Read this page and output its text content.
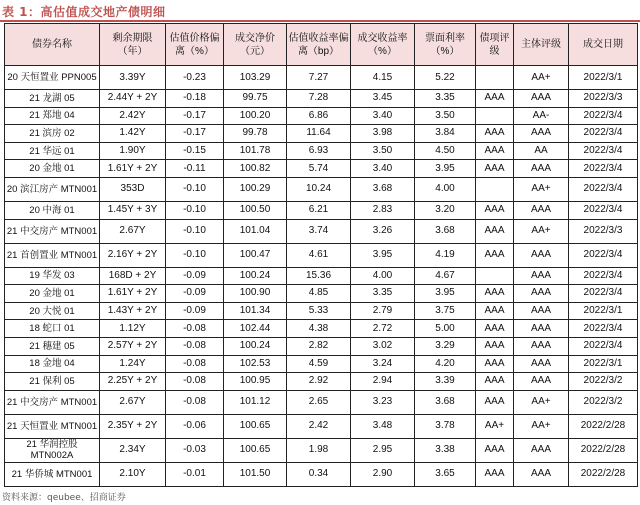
表 1：高估值成交地产债明细
债券名称	剩余期限（年）	估值价格偏离（%）	成交净价（元）	估值收益率偏离（bp）	成交收益率（%）	票面利率（%）	债项评级	主体评级	成交日期
20 天恒置业 PPN005	3.39Y	-0.23	103.29	7.27	4.15	5.22		AA+	2022/3/1
21 龙湖 05	2.44Y + 2Y	-0.18	99.75	7.28	3.45	3.35	AAA	AAA	2022/3/3
21 郑地 04	2.42Y	-0.17	100.20	6.86	3.40	3.50		AA-	2022/3/4
21 滨房 02	1.42Y	-0.17	99.78	11.64	3.98	3.84	AAA	AAA	2022/3/4
21 华远 01	1.90Y	-0.15	101.78	6.93	3.50	4.50	AAA	AA	2022/3/4
20 金地 01	1.61Y + 2Y	-0.11	100.82	5.74	3.40	3.95	AAA	AAA	2022/3/4
20 滨江房产 MTN001	353D	-0.10	100.29	10.24	3.68	4.00		AA+	2022/3/4
20 中海 01	1.45Y + 3Y	-0.10	100.50	6.21	2.83	3.20	AAA	AAA	2022/3/4
21 中交房产 MTN001	2.67Y	-0.10	101.04	3.74	3.26	3.68	AAA	AA+	2022/3/3
21 首创置业 MTN001	2.16Y + 2Y	-0.10	100.47	4.61	3.95	4.19	AAA	AAA	2022/3/4
19 华发 03	168D + 2Y	-0.09	100.24	15.36	4.00	4.67		AAA	2022/3/4
20 金地 01	1.61Y + 2Y	-0.09	100.90	4.85	3.35	3.95	AAA	AAA	2022/3/4
20 大悦 01	1.43Y + 2Y	-0.09	101.34	5.33	2.79	3.75	AAA	AAA	2022/3/1
18 蛇口 01	1.12Y	-0.08	102.44	4.38	2.72	5.00	AAA	AAA	2022/3/4
21 穗建 05	2.57Y + 2Y	-0.08	100.24	2.82	3.02	3.29	AAA	AAA	2022/3/4
18 金地 04	1.24Y	-0.08	102.53	4.59	3.24	4.20	AAA	AAA	2022/3/1
21 保利 05	2.25Y + 2Y	-0.08	100.95	2.92	2.94	3.39	AAA	AAA	2022/3/2
21 中交房产 MTN001	2.67Y	-0.08	101.12	2.65	3.23	3.68	AAA	AA+	2022/3/2
21 天恒置业 MTN001	2.35Y + 2Y	-0.06	100.65	2.42	3.48	3.78	AA+	AA+	2022/2/28
21 华润控股 MTN002A	2.34Y	-0.03	100.65	1.98	2.95	3.38	AAA	AAA	2022/2/28
21 华侨城 MTN001	2.10Y	-0.01	101.50	0.34	2.90	3.65	AAA	AAA	2022/2/28
资料来源：qeubee、招商证券
